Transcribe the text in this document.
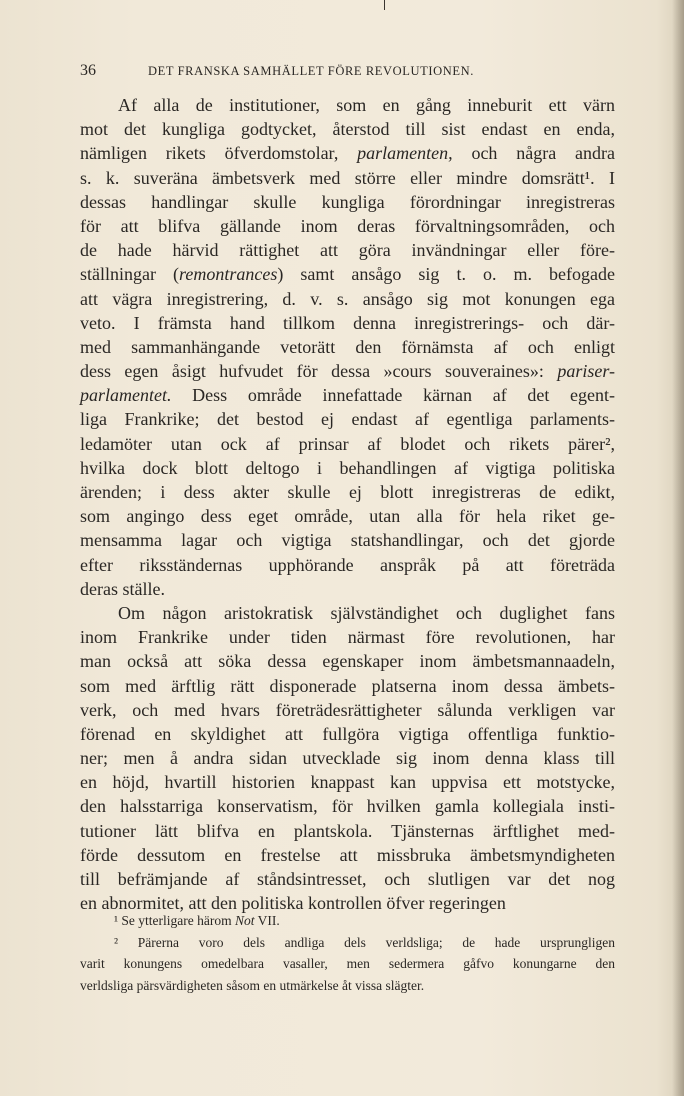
36	DET FRANSKA SAMHÄLLET FÖRE REVOLUTIONEN.
Af alla de institutioner, som en gång inneburit ett värn
mot det kungliga godtycket, återstod till sist endast en enda,
nämligen rikets öfverdomstolar, parlamenten, och några andra
s. k. suveräna ämbetsverk med större eller mindre domsrätt¹. I
dessas handlingar skulle kungliga förordningar inregistreras
för att blifva gällande inom deras förvaltningsområden, och
de hade härvid rättighet att göra invändningar eller före-
ställningar (remontrances) samt ansågo sig t. o. m. befogade
att vägra inregistrering, d. v. s. ansågo sig mot konungen ega
veto. I främsta hand tillkom denna inregistrerings- och där-
med sammanhängande vetorätt den förnämsta af och enligt
dess egen åsigt hufvudet för dessa »cours souveraines»: pariser-
parlamentet. Dess område innefattade kärnan af det egent-
liga Frankrike; det bestod ej endast af egentliga parlaments-
ledamöter utan ock af prinsar af blodet och rikets pärer²,
hvilka dock blott deltogo i behandlingen af vigtiga politiska
ärenden; i dess akter skulle ej blott inregistreras de edikt,
som angingo dess eget område, utan alla för hela riket ge-
mensamma lagar och vigtiga statshandlingar, och det gjorde
efter riksständernas upphörande anspråk på att företräda
deras ställe.
Om någon aristokratisk självständighet och duglighet fans
inom Frankrike under tiden närmast före revolutionen, har
man också att söka dessa egenskaper inom ämbetsmannaadeln,
som med ärftlig rätt disponerade platserna inom dessa ämbets-
verk, och med hvars företrädesrättigheter sålunda verkligen var
förenad en skyldighet att fullgöra vigtiga offentliga funktio-
ner; men å andra sidan utvecklade sig inom denna klass till
en höjd, hvartill historien knappast kan uppvisa ett motstycke,
den halsstarriga konservatism, för hvilken gamla kollegiala insti-
tutioner lätt blifva en plantskola. Tjänsternas ärftlighet med-
förde dessutom en frestelse att missbruka ämbetsmyndigheten
till befrämjande af ståndsintresset, och slutligen var det nog
en abnormitet, att den politiska kontrollen öfver regeringen
¹ Se ytterligare härom Not VII.
² Pärerna voro dels andliga dels verldsliga; de hade ursprungligen
varit konungens omedelbara vasaller, men sedermera gåfvo konungarne den
verldsliga pärsvärdigheten såsom en utmärkelse åt vissa slägter.
